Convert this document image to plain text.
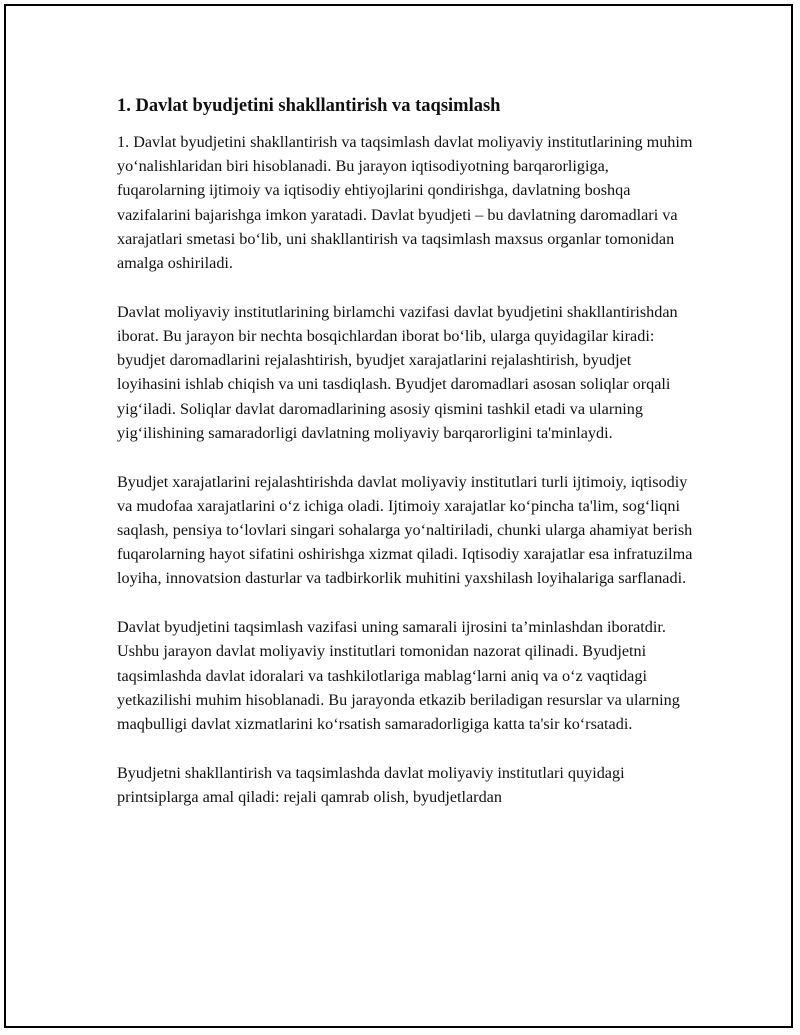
1. Davlat byudjetini shakllantirish va taqsimlash

1. Davlat byudjetini shakllantirish va taqsimlash davlat moliyaviy institutlarining muhim yo‘nalishlaridan biri hisoblanadi. Bu jarayon iqtisodiyotning barqarorligiga, fuqarolarning ijtimoiy va iqtisodiy ehtiyojlarini qondirishga, davlatning boshqa vazifalarini bajarishga imkon yaratadi. Davlat byudjeti – bu davlatning daromadlari va xarajatlari smetasi bo‘lib, uni shakllantirish va taqsimlash maxsus organlar tomonidan amalga oshiriladi.

Davlat moliyaviy institutlarining birlamchi vazifasi davlat byudjetini shakllantirishdan iborat. Bu jarayon bir nechta bosqichlardan iborat bo‘lib, ularga quyidagilar kiradi: byudjet daromadlarini rejalashtirish, byudjet xarajatlarini rejalashtirish, byudjet loyihasini ishlab chiqish va uni tasdiqlash. Byudjet daromadlari asosan soliqlar orqali yig‘iladi. Soliqlar davlat daromadlarining asosiy qismini tashkil etadi va ularning yig‘ilishining samaradorligi davlatning moliyaviy barqarorligini ta'minlaydi.

Byudjet xarajatlarini rejalashtirishda davlat moliyaviy institutlari turli ijtimoiy, iqtisodiy va mudofaa xarajatlarini o‘z ichiga oladi. Ijtimoiy xarajatlar ko‘pincha ta'lim, sog‘liqni saqlash, pensiya to‘lovlari singari sohalarga yo‘naltiriladi, chunki ularga ahamiyat berish fuqarolarning hayot sifatini oshirishga xizmat qiladi. Iqtisodiy xarajatlar esa infratuzilma loyiha, innovatsion dasturlar va tadbirkorlik muhitini yaxshilash loyihalariga sarflanadi.

Davlat byudjetini taqsimlash vazifasi uning samarali ijrosini ta’minlashdan iboratdir. Ushbu jarayon davlat moliyaviy institutlari tomonidan nazorat qilinadi. Byudjetni taqsimlashda davlat idoralari va tashkilotlariga mablag‘larni aniq va o‘z vaqtidagi yetkazilishi muhim hisoblanadi. Bu jarayonda etkazib beriladigan resurslar va ularning maqbulligi davlat xizmatlarini ko‘rsatish samaradorligiga katta ta'sir ko‘rsatadi.

Byudjetni shakllantirish va taqsimlashda davlat moliyaviy institutlari quyidagi printsiplarga amal qiladi: rejali qamrab olish, byudjetlardan
